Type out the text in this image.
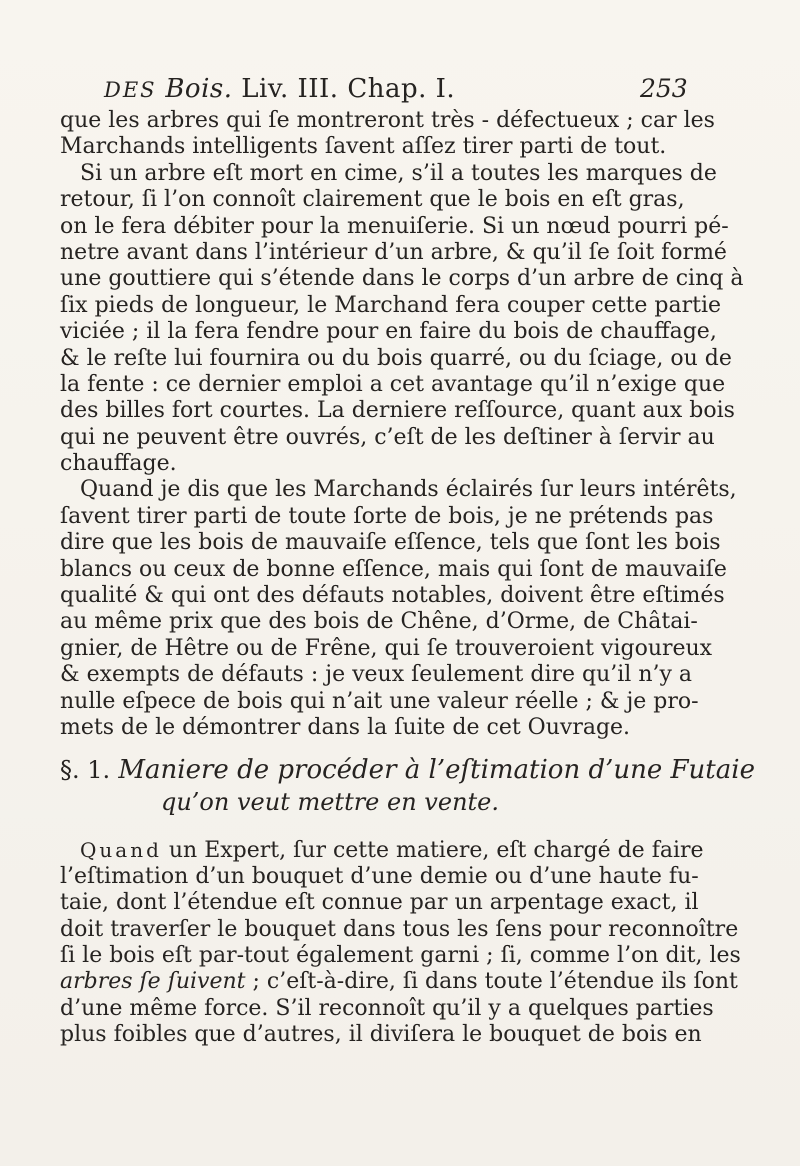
DES Bois. Liv. III. Chap. I.	253
que les arbres qui ſe montreront très - défectueux ; car les
Marchands intelligents ſavent aſſez tirer parti de tout.
Si un arbre eſt mort en cime, s’il a toutes les marques de
retour, ſi l’on connoît clairement que le bois en eſt gras,
on le fera débiter pour la menuiſerie. Si un nœud pourri pé-
netre avant dans l’intérieur d’un arbre, & qu’il ſe ſoit formé
une gouttiere qui s’étende dans le corps d’un arbre de cinq à
ſix pieds de longueur, le Marchand fera couper cette partie
viciée ; il la fera fendre pour en faire du bois de chauffage,
& le reſte lui fournira ou du bois quarré, ou du ſciage, ou de
la fente : ce dernier emploi a cet avantage qu’il n’exige que
des billes fort courtes. La derniere reſſource, quant aux bois
qui ne peuvent être ouvrés, c’eſt de les deſtiner à ſervir au
chauffage.
Quand je dis que les Marchands éclairés ſur leurs intérêts,
ſavent tirer parti de toute ſorte de bois, je ne prétends pas
dire que les bois de mauvaiſe eſſence, tels que ſont les bois
blancs ou ceux de bonne eſſence, mais qui ſont de mauvaiſe
qualité & qui ont des défauts notables, doivent être eſtimés
au même prix que des bois de Chêne, d’Orme, de Châtai-
gnier, de Hêtre ou de Frêne, qui ſe trouveroient vigoureux
& exempts de défauts : je veux ſeulement dire qu’il n’y a
nulle eſpece de bois qui n’ait une valeur réelle ; & je pro-
mets de le démontrer dans la ſuite de cet Ouvrage.
§. 1. Maniere de procéder à l’eſtimation d’une Futaie
qu’on veut mettre en vente.
Quand un Expert, ſur cette matiere, eſt chargé de faire
l’eſtimation d’un bouquet d’une demie ou d’une haute fu-
taie, dont l’étendue eſt connue par un arpentage exact, il
doit traverſer le bouquet dans tous les ſens pour reconnoître
ſi le bois eſt par-tout également garni ; ſi, comme l’on dit, les
arbres ſe ſuivent ; c’eſt-à-dire, ſi dans toute l’étendue ils ſont
d’une même force. S’il reconnoît qu’il y a quelques parties
plus foibles que d’autres, il diviſera le bouquet de bois en
